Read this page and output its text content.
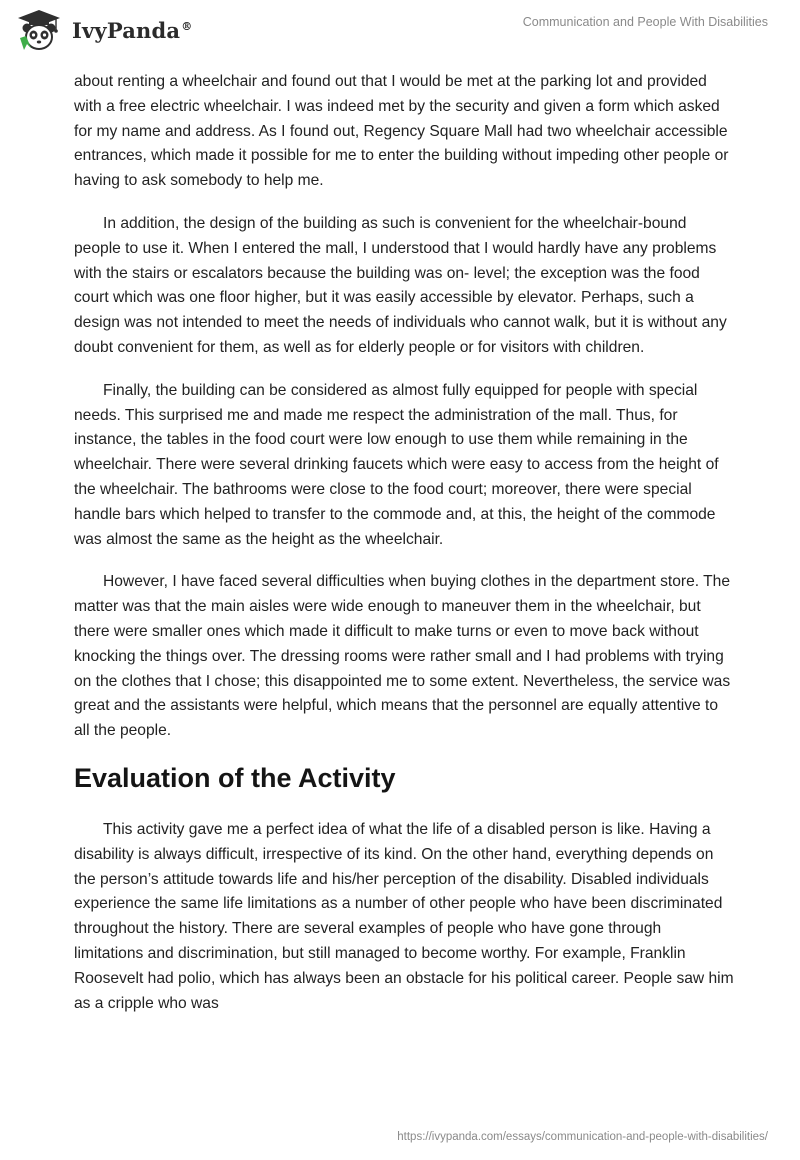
IvyPanda®	Communication and People With Disabilities

about renting a wheelchair and found out that I would be met at the parking lot and provided with a free electric wheelchair. I was indeed met by the security and given a form which asked for my name and address. As I found out, Regency Square Mall had two wheelchair accessible entrances, which made it possible for me to enter the building without impeding other people or having to ask somebody to help me.

In addition, the design of the building as such is convenient for the wheelchair-bound people to use it. When I entered the mall, I understood that I would hardly have any problems with the stairs or escalators because the building was on- level; the exception was the food court which was one floor higher, but it was easily accessible by elevator. Perhaps, such a design was not intended to meet the needs of individuals who cannot walk, but it is without any doubt convenient for them, as well as for elderly people or for visitors with children.

Finally, the building can be considered as almost fully equipped for people with special needs. This surprised me and made me respect the administration of the mall. Thus, for instance, the tables in the food court were low enough to use them while remaining in the wheelchair. There were several drinking faucets which were easy to access from the height of the wheelchair. The bathrooms were close to the food court; moreover, there were special handle bars which helped to transfer to the commode and, at this, the height of the commode was almost the same as the height as the wheelchair.

However, I have faced several difficulties when buying clothes in the department store. The matter was that the main aisles were wide enough to maneuver them in the wheelchair, but there were smaller ones which made it difficult to make turns or even to move back without knocking the things over. The dressing rooms were rather small and I had problems with trying on the clothes that I chose; this disappointed me to some extent. Nevertheless, the service was great and the assistants were helpful, which means that the personnel are equally attentive to all the people.

Evaluation of the Activity

This activity gave me a perfect idea of what the life of a disabled person is like. Having a disability is always difficult, irrespective of its kind. On the other hand, everything depends on the person’s attitude towards life and his/her perception of the disability. Disabled individuals experience the same life limitations as a number of other people who have been discriminated throughout the history. There are several examples of people who have gone through limitations and discrimination, but still managed to become worthy. For example, Franklin Roosevelt had polio, which has always been an obstacle for his political career. People saw him as a cripple who was

https://ivypanda.com/essays/communication-and-people-with-disabilities/
